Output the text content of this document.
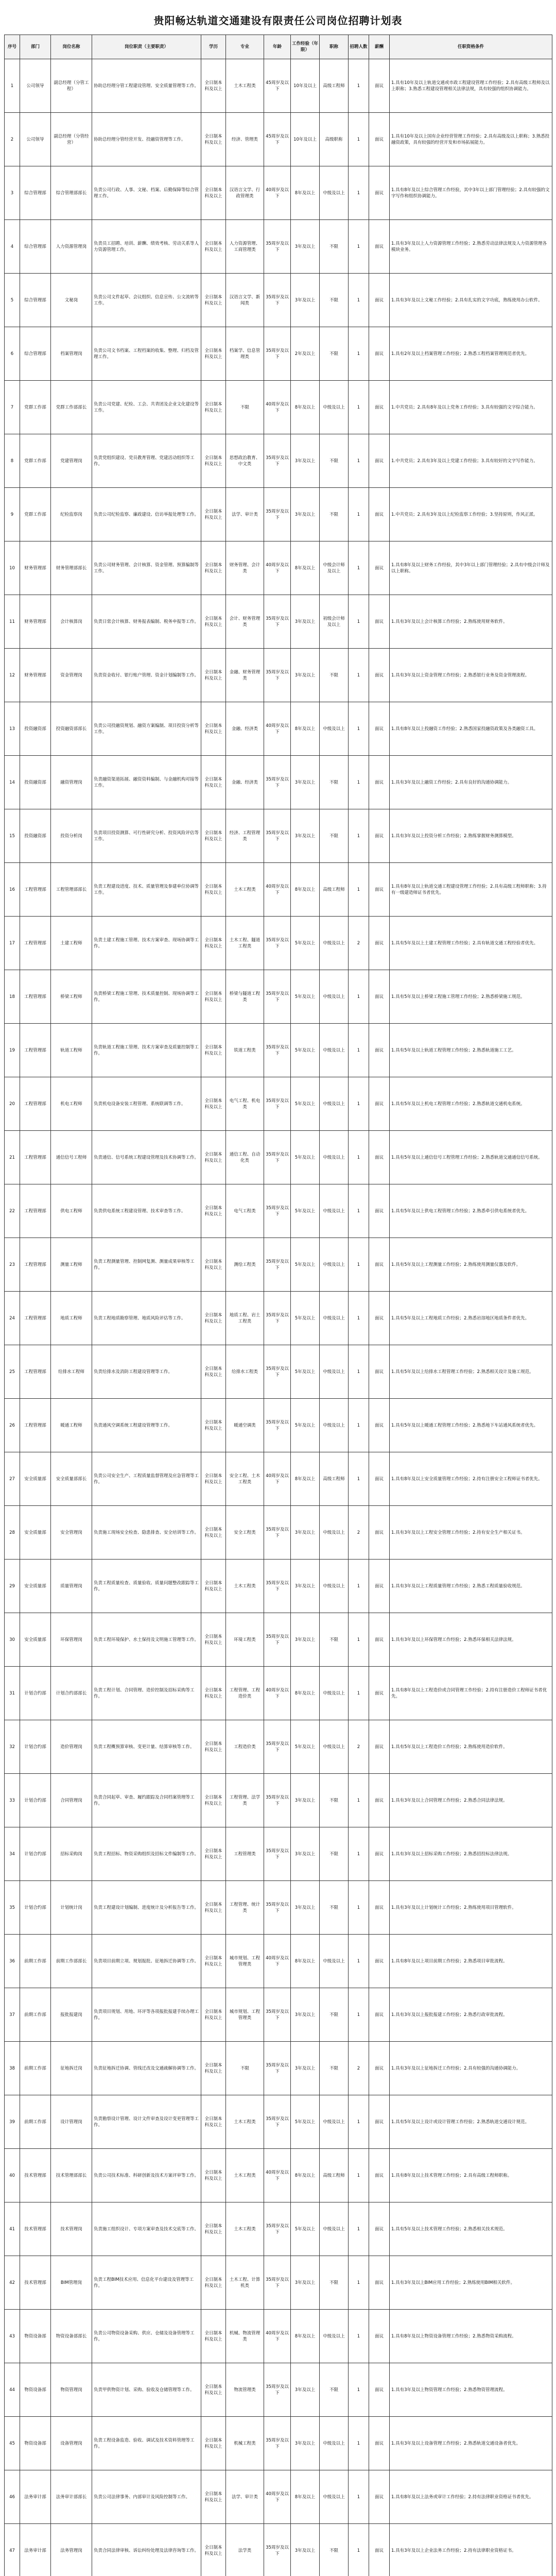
贵阳畅达轨道交通建设有限责任公司岗位招聘计划表
序号	部门	岗位名称	岗位职责（主要职责）	学历	专业	年龄	工作经验（年限）	职称	招聘人数	薪酬	任职资格条件
1	公司领导	副总经理（分管工程）	协助总经理分管工程建设管理、安全质量管理等工作。	全日制本科及以上	土木工程类	45周岁及以下	10年及以上	高级工程师	1	面议	1.具有10年及以上轨道交通或市政工程建设管理工作经验；2.具有高级工程师及以上职称；3.熟悉工程建设管理相关法律法规，具有较强的组织协调能力。
2	公司领导	副总经理（分管经营）	协助总经理分管经营开发、投融资管理等工作。	全日制本科及以上	经济、管理类	45周岁及以下	10年及以上	高级职称	1	面议	1.具有10年及以上国有企业经营管理工作经验；2.具有高级及以上职称；3.熟悉投融资政策，具有较强的经营开发和市场拓展能力。
3	综合管理部	综合管理部部长	负责公司行政、人事、文秘、档案、后勤保障等综合管理工作。	全日制本科及以上	汉语言文学、行政管理类	40周岁及以下	8年及以上	中级及以上	1	面议	1.具有8年及以上综合管理工作经验，其中3年以上部门管理经验；2.具有较强的文字写作和组织协调能力。
4	综合管理部	人力资源管理岗	负责员工招聘、培训、薪酬、绩效考核、劳动关系等人力资源管理工作。	全日制本科及以上	人力资源管理、工商管理类	35周岁及以下	3年及以上	不限	1	面议	1.具有3年及以上人力资源管理工作经验；2.熟悉劳动法律法规及人力资源管理各模块业务。
5	综合管理部	文秘岗	负责公司文件起草、会议组织、信息宣传、公文流转等工作。	全日制本科及以上	汉语言文学、新闻类	35周岁及以下	3年及以上	不限	1	面议	1.具有3年及以上文秘工作经验；2.具有扎实的文字功底，熟练使用办公软件。
6	综合管理部	档案管理岗	负责公司文书档案、工程档案的收集、整理、归档及管理工作。	全日制本科及以上	档案学、信息管理类	35周岁及以下	2年及以上	不限	1	面议	1.具有2年及以上档案管理工作经验；2.熟悉工程档案管理规范者优先。
7	党群工作部	党群工作部部长	负责公司党建、纪检、工会、共青团及企业文化建设等工作。	全日制本科及以上	不限	40周岁及以下	8年及以上	中级及以上	1	面议	1.中共党员；2.具有8年及以上党务工作经验；3.具有较强的文字综合能力。
8	党群工作部	党建管理岗	负责党组织建设、党员教育管理、党建活动组织等工作。	全日制本科及以上	思想政治教育、中文类	35周岁及以下	3年及以上	不限	1	面议	1.中共党员；2.具有3年及以上党建工作经验；3.具有较好的文字写作能力。
9	党群工作部	纪检监察岗	负责公司纪检监察、廉政建设、信访举报处理等工作。	全日制本科及以上	法学、审计类	35周岁及以下	3年及以上	不限	1	面议	1.中共党员；2.具有3年及以上纪检监察工作经验；3.坚持原则，作风正派。
10	财务管理部	财务管理部部长	负责公司财务管理、会计核算、资金管理、预算编制等工作。	全日制本科及以上	财务管理、会计类	40周岁及以下	8年及以上	中级会计师及以上	1	面议	1.具有8年及以上财务工作经验，其中3年以上部门管理经验；2.具有中级会计师及以上职称。
11	财务管理部	会计核算岗	负责日常会计核算、财务报表编制、税务申报等工作。	全日制本科及以上	会计、财务管理类	35周岁及以下	3年及以上	初级会计师及以上	1	面议	1.具有3年及以上会计核算工作经验；2.熟练使用财务软件。
12	财务管理部	资金管理岗	负责资金收付、银行账户管理、资金计划编制等工作。	全日制本科及以上	金融、财务管理类	35周岁及以下	3年及以上	不限	1	面议	1.具有3年及以上资金管理工作经验；2.熟悉银行业务及资金管理流程。
13	投资融资部	投资融资部部长	负责公司投融资规划、融资方案编制、项目投资分析等工作。	全日制本科及以上	金融、经济类	40周岁及以下	8年及以上	中级及以上	1	面议	1.具有8年及以上投融资工作经验；2.熟悉国家投融资政策及各类融资工具。
14	投资融资部	融资管理岗	负责融资渠道拓展、融资资料编制、与金融机构对接等工作。	全日制本科及以上	金融、经济类	35周岁及以下	3年及以上	不限	1	面议	1.具有3年及以上融资工作经验；2.具有良好的沟通协调能力。
15	投资融资部	投资分析岗	负责项目投资测算、可行性研究分析、投资风险评估等工作。	全日制本科及以上	经济、工程管理类	35周岁及以下	3年及以上	不限	1	面议	1.具有3年及以上投资分析工作经验；2.熟练掌握财务测算模型。
16	工程管理部	工程管理部部长	负责工程建设进度、技术、质量管理及参建单位协调等工作。	全日制本科及以上	土木工程类	40周岁及以下	8年及以上	高级工程师	1	面议	1.具有8年及以上轨道交通工程建设管理工作经验；2.具有高级工程师职称；3.持有一级建造师证书者优先。
17	工程管理部	土建工程师	负责土建工程施工管理、技术方案审查、现场协调等工作。	全日制本科及以上	土木工程、隧道工程类	35周岁及以下	5年及以上	中级及以上	2	面议	1.具有5年及以上土建工程管理工作经验；2.具有轨道交通工程经验者优先。
18	工程管理部	桥梁工程师	负责桥梁工程施工管理、技术质量控制、现场协调等工作。	全日制本科及以上	桥梁与隧道工程类	35周岁及以下	5年及以上	中级及以上	1	面议	1.具有5年及以上桥梁工程施工管理工作经验；2.熟悉桥梁施工规范。
19	工程管理部	轨道工程师	负责轨道工程施工管理、技术方案审查及质量控制等工作。	全日制本科及以上	铁道工程类	35周岁及以下	5年及以上	中级及以上	1	面议	1.具有5年及以上轨道工程管理工作经验；2.熟悉轨道施工工艺。
20	工程管理部	机电工程师	负责机电设备安装工程管理、系统联调等工作。	全日制本科及以上	电气工程、机电类	35周岁及以下	5年及以上	中级及以上	1	面议	1.具有5年及以上机电工程管理工作经验；2.熟悉轨道交通机电系统。
21	工程管理部	通信信号工程师	负责通信、信号系统工程建设管理及技术协调等工作。	全日制本科及以上	通信工程、自动化类	35周岁及以下	5年及以上	中级及以上	1	面议	1.具有5年及以上通信信号工程管理工作经验；2.熟悉轨道交通通信信号系统。
22	工程管理部	供电工程师	负责供电系统工程建设管理、技术审查等工作。	全日制本科及以上	电气工程类	35周岁及以下	5年及以上	中级及以上	1	面议	1.具有5年及以上供电工程管理工作经验；2.熟悉牵引供电系统者优先。
23	工程管理部	测量工程师	负责工程测量管理、控制网复测、测量成果审核等工作。	全日制本科及以上	测绘工程类	35周岁及以下	5年及以上	中级及以上	1	面议	1.具有5年及以上工程测量工作经验；2.熟练使用测量仪器及软件。
24	工程管理部	地质工程师	负责工程地质勘察管理、地质风险评估等工作。	全日制本科及以上	地质工程、岩土工程类	35周岁及以下	5年及以上	中级及以上	1	面议	1.具有5年及以上工程地质工作经验；2.熟悉岩溶地区地质条件者优先。
25	工程管理部	给排水工程师	负责给排水及消防工程建设管理等工作。	全日制本科及以上	给排水工程类	35周岁及以下	5年及以上	中级及以上	1	面议	1.具有5年及以上给排水工程管理工作经验；2.熟悉相关设计及施工规范。
26	工程管理部	暖通工程师	负责通风空调系统工程建设管理等工作。	全日制本科及以上	暖通空调类	35周岁及以下	5年及以上	中级及以上	1	面议	1.具有5年及以上暖通工程管理工作经验；2.熟悉地下车站通风系统者优先。
27	安全质量部	安全质量部部长	负责公司安全生产、工程质量监督管理及应急管理等工作。	全日制本科及以上	安全工程、土木工程类	40周岁及以下	8年及以上	高级工程师	1	面议	1.具有8年及以上安全质量管理工作经验；2.持有注册安全工程师证书者优先。
28	安全质量部	安全管理岗	负责施工现场安全检查、隐患排查、安全培训等工作。	全日制本科及以上	安全工程类	35周岁及以下	3年及以上	中级及以上	2	面议	1.具有3年及以上工程安全管理工作经验；2.持有安全生产相关证书。
29	安全质量部	质量管理岗	负责工程质量检查、质量验收、质量问题整改跟踪等工作。	全日制本科及以上	土木工程类	35周岁及以下	3年及以上	中级及以上	1	面议	1.具有3年及以上工程质量管理工作经验；2.熟悉工程质量验收规范。
30	安全质量部	环保管理岗	负责工程环境保护、水土保持及文明施工管理等工作。	全日制本科及以上	环境工程类	35周岁及以下	3年及以上	不限	1	面议	1.具有3年及以上环保管理工作经验；2.熟悉环保相关法律法规。
31	计划合约部	计划合约部部长	负责工程计划、合同管理、造价控制及招标采购等工作。	全日制本科及以上	工程管理、工程造价类	40周岁及以下	8年及以上	中级及以上	1	面议	1.具有8年及以上工程造价或合同管理工作经验；2.持有注册造价工程师证书者优先。
32	计划合约部	造价管理岗	负责工程概预算审核、变更计量、结算审核等工作。	全日制本科及以上	工程造价类	35周岁及以下	5年及以上	中级及以上	2	面议	1.具有5年及以上工程造价工作经验；2.熟练使用造价软件。
33	计划合约部	合同管理岗	负责合同起草、审查、履约跟踪及合同档案管理等工作。	全日制本科及以上	工程管理、法学类	35周岁及以下	3年及以上	不限	1	面议	1.具有3年及以上合同管理工作经验；2.熟悉合同法律法规。
34	计划合约部	招标采购岗	负责工程招标、物资采购组织及招标文件编制等工作。	全日制本科及以上	工程管理类	35周岁及以下	3年及以上	不限	1	面议	1.具有3年及以上招标采购工作经验；2.熟悉招投标法律法规。
35	计划合约部	计划统计岗	负责工程建设计划编制、进度统计及分析报告等工作。	全日制本科及以上	工程管理、统计类	35周岁及以下	3年及以上	不限	1	面议	1.具有3年及以上计划统计工作经验；2.熟练使用项目管理软件。
36	前期工作部	前期工作部部长	负责项目前期立项、规划报批、征地拆迁协调等工作。	全日制本科及以上	城市规划、工程管理类	40周岁及以下	8年及以上	中级及以上	1	面议	1.具有8年及以上项目前期工作经验；2.熟悉项目审批流程。
37	前期工作部	报批报建岗	负责项目规划、用地、环评等各项报批报建手续办理工作。	全日制本科及以上	城市规划、工程管理类	35周岁及以下	3年及以上	不限	1	面议	1.具有3年及以上报批报建工作经验；2.熟悉行政审批流程。
38	前期工作部	征地拆迁岗	负责征地拆迁协调、管线迁改及交通疏解协调等工作。	全日制本科及以上	不限	35周岁及以下	3年及以上	不限	2	面议	1.具有3年及以上征地拆迁工作经验；2.具有较强的沟通协调能力。
39	前期工作部	设计管理岗	负责勘察设计管理、设计文件审查及设计变更管理等工作。	全日制本科及以上	土木工程类	35周岁及以下	5年及以上	中级及以上	1	面议	1.具有5年及以上设计或设计管理工作经验；2.熟悉轨道交通设计规范。
40	技术管理部	技术管理部部长	负责公司技术标准、科研创新及技术方案评审等工作。	全日制本科及以上	土木工程类	40周岁及以下	8年及以上	高级工程师	1	面议	1.具有8年及以上技术管理工作经验；2.具有高级工程师职称。
41	技术管理部	技术管理岗	负责施工组织设计、专项方案审查及技术交底等工作。	全日制本科及以上	土木工程类	35周岁及以下	5年及以上	中级及以上	1	面议	1.具有5年及以上技术管理工作经验；2.熟悉相关技术规范。
42	技术管理部	BIM管理岗	负责工程BIM技术应用、信息化平台建设及管理等工作。	全日制本科及以上	土木工程、计算机类	35周岁及以下	3年及以上	不限	1	面议	1.具有3年及以上BIM应用工作经验；2.熟练使用BIM相关软件。
43	物资设备部	物资设备部部长	负责公司物资设备采购、供应、仓储及设备管理等工作。	全日制本科及以上	机械、物流管理类	40周岁及以下	8年及以上	中级及以上	1	面议	1.具有8年及以上物资设备管理工作经验；2.熟悉物资采购流程。
44	物资设备部	物资管理岗	负责甲供物资计划、采购、验收及仓储管理等工作。	全日制本科及以上	物流管理类	35周岁及以下	3年及以上	不限	1	面议	1.具有3年及以上物资管理工作经验；2.熟悉物资管理流程。
45	物资设备部	设备管理岗	负责工程设备监造、验收、调试及技术资料管理等工作。	全日制本科及以上	机械工程类	35周岁及以下	3年及以上	中级及以上	1	面议	1.具有3年及以上设备管理工作经验；2.熟悉轨道交通设备者优先。
46	法务审计部	法务审计部部长	负责公司法律事务、内部审计及风险控制等工作。	全日制本科及以上	法学、审计类	40周岁及以下	8年及以上	中级及以上	1	面议	1.具有8年及以上法务或审计工作经验；2.持有法律职业资格证书者优先。
47	法务审计部	法务管理岗	负责合同法律审核、诉讼纠纷处理及法律咨询等工作。	全日制本科及以上	法学类	35周岁及以下	3年及以上	不限	1	面议	1.具有3年及以上企业法务工作经验；2.持有法律职业资格证书。
